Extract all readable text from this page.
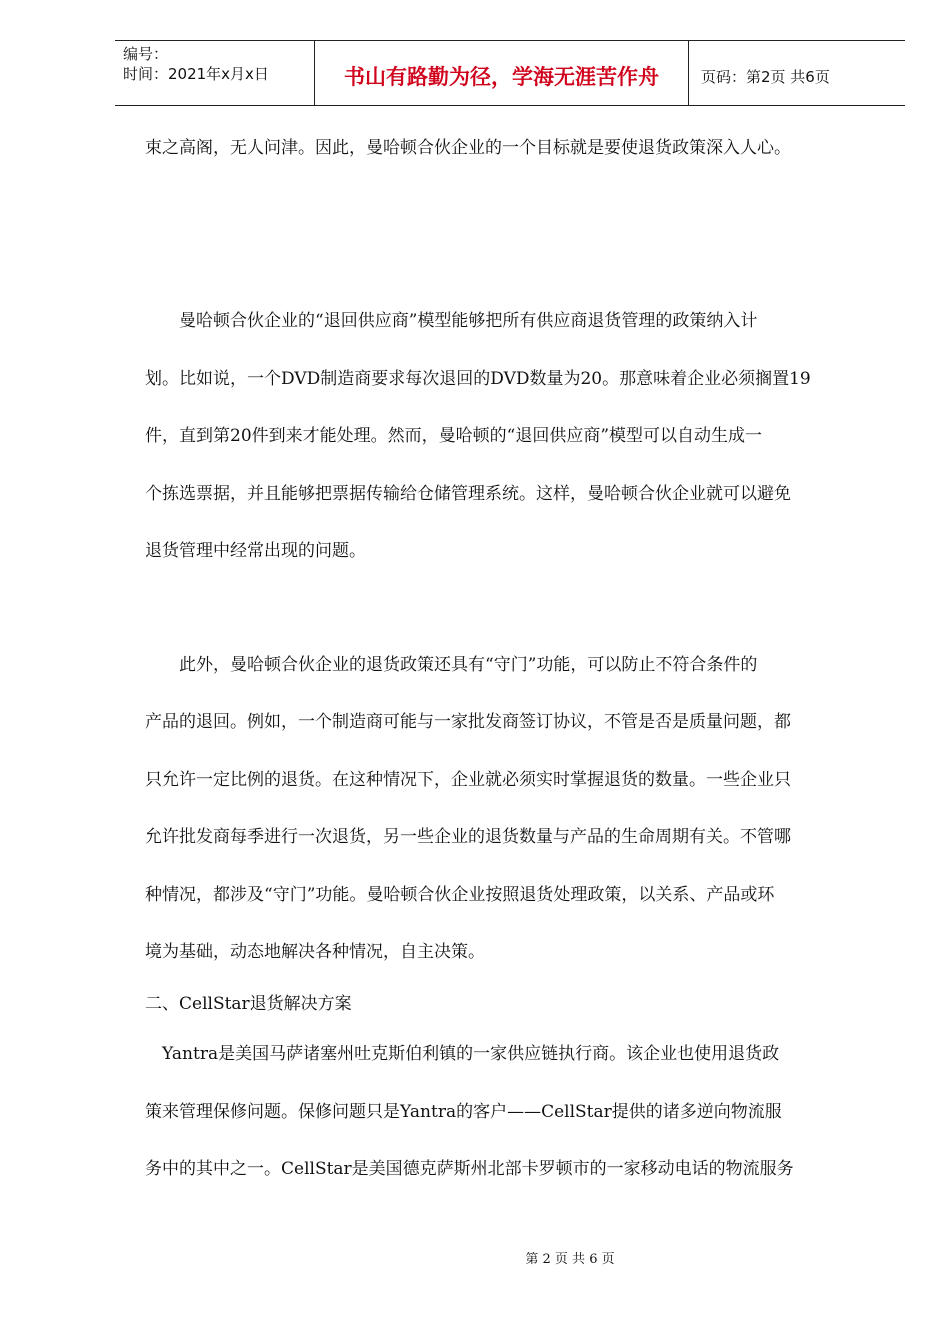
编号：
时间：2021年x月x日	书山有路勤为径，学海无涯苦作舟	页码：第2页 共6页
束之高阁，无人问津。因此，曼哈顿合伙企业的一个目标就是要使退货政策深入人心。
　　曼哈顿合伙企业的“退回供应商”模型能够把所有供应商退货管理的政策纳入计
划。比如说，一个DVD制造商要求每次退回的DVD数量为20。那意味着企业必须搁置19
件，直到第20件到来才能处理。然而，曼哈顿的“退回供应商”模型可以自动生成一
个拣选票据，并且能够把票据传输给仓储管理系统。这样，曼哈顿合伙企业就可以避免
退货管理中经常出现的问题。
　　此外，曼哈顿合伙企业的退货政策还具有“守门”功能，可以防止不符合条件的
产品的退回。例如，一个制造商可能与一家批发商签订协议，不管是否是质量问题，都
只允许一定比例的退货。在这种情况下，企业就必须实时掌握退货的数量。一些企业只
允许批发商每季进行一次退货，另一些企业的退货数量与产品的生命周期有关。不管哪
种情况，都涉及“守门”功能。曼哈顿合伙企业按照退货处理政策，以关系、产品或环
境为基础，动态地解决各种情况，自主决策。
二、CellStar退货解决方案
　Yantra是美国马萨诸塞州吐克斯伯利镇的一家供应链执行商。该企业也使用退货政
策来管理保修问题。保修问题只是Yantra的客户——CellStar提供的诸多逆向物流服
务中的其中之一。CellStar是美国德克萨斯州北部卡罗顿市的一家移动电话的物流服务
第 2 页 共 6 页
